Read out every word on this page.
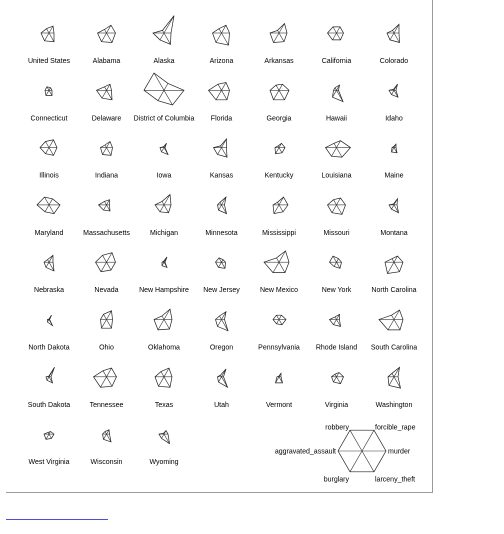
United States	Alabama	Alaska	Arizona	Arkansas	California	Colorado
Connecticut	Delaware District of Columbia Florida	Georgia	Hawaii	Idaho
Illinois	Indiana	Iowa	Kansas	Kentucky	Louisiana	Maine
Maryland	Massachusetts	Michigan	Minnesota	Mississippi	Missouri	Montana
Nebraska	Nevada	New Hampshire New Jersey	New Mexico	New York	North Carolina
North Dakota	Ohio	Oklahoma	Oregon	Pennsylvania Rhode Island South Carolina
South Dakota	Tennessee	Texas	Utah	Vermont	Virginia	Washington
West Virginia	Wisconsin	Wyoming
murder
forcible_rape
robbery
aggravated_assault
burglary	larceny_theft
